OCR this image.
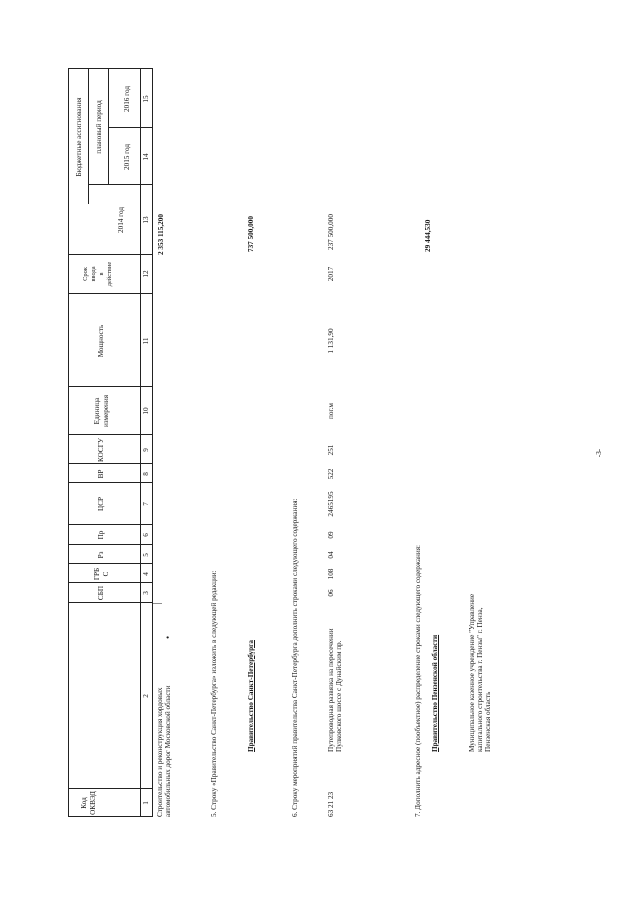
Код ОКВЭД
СБП
ГРБ С
Рз
Пр
ЦСР
ВР
КОСГУ
Единица измерения
Мощность
Срок ввода в действие
Бюджетные ассигнования плановый период
2014 год
2015 год
2016 год
1
2
3
4
5
6
7
8
9
10
11
12
13
14
15
Строительство и реконструкция хордовых автомобильных дорог Московской области
•
2 353 115,200
5. Строку «Правительство Санкт-Петербурга» изложить в следующей редакции:	Правительство Санкт-Петербурга
737 500,000
6. Строку мероприятий правительства Санкт-Петербурга дополнить строками следующего содержания:	63 21 23
Путепроводная развязка на пересечении Пулковского шоссе с Дунайским пр.
06
108
04
09
2465195
522
251
пог.м
1 131,90
2017
237 500,000
7. Дополнить адресное (пообъектное) распределение строками следующего содержания: Правительство Пензенской области
29 444,530
Муниципальное казенное учреждение "Управление капитального строительства г. Пензы" г. Пенза, Пензенская область
-3-
